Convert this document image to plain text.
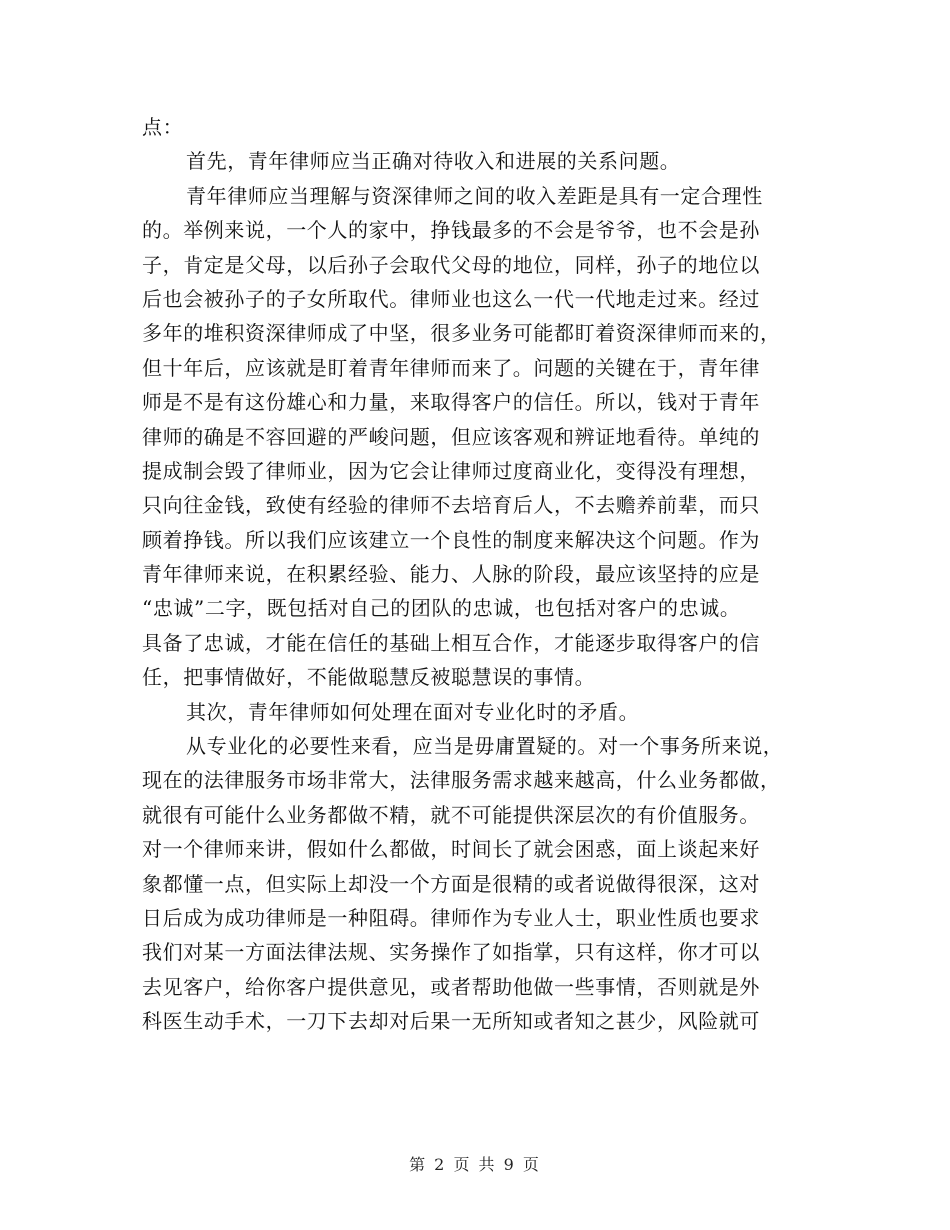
点：
首先，青年律师应当正确对待收入和进展的关系问题。
青年律师应当理解与资深律师之间的收入差距是具有一定合理性
的。举例来说，一个人的家中，挣钱最多的不会是爷爷，也不会是孙
子，肯定是父母，以后孙子会取代父母的地位，同样，孙子的地位以
后也会被孙子的子女所取代。律师业也这么一代一代地走过来。经过
多年的堆积资深律师成了中坚，很多业务可能都盯着资深律师而来的，
但十年后，应该就是盯着青年律师而来了。问题的关键在于，青年律
师是不是有这份雄心和力量，来取得客户的信任。所以，钱对于青年
律师的确是不容回避的严峻问题，但应该客观和辨证地看待。单纯的
提成制会毁了律师业，因为它会让律师过度商业化，变得没有理想，
只向往金钱，致使有经验的律师不去培育后人，不去赡养前辈，而只
顾着挣钱。所以我们应该建立一个良性的制度来解决这个问题。作为
青年律师来说，在积累经验、能力、人脉的阶段，最应该坚持的应是
“忠诚”二字，既包括对自己的团队的忠诚，也包括对客户的忠诚。
具备了忠诚，才能在信任的基础上相互合作，才能逐步取得客户的信
任，把事情做好，不能做聪慧反被聪慧误的事情。
其次，青年律师如何处理在面对专业化时的矛盾。
从专业化的必要性来看，应当是毋庸置疑的。对一个事务所来说，
现在的法律服务市场非常大，法律服务需求越来越高，什么业务都做，
就很有可能什么业务都做不精，就不可能提供深层次的有价值服务。
对一个律师来讲，假如什么都做，时间长了就会困惑，面上谈起来好
象都懂一点，但实际上却没一个方面是很精的或者说做得很深，这对
日后成为成功律师是一种阻碍。律师作为专业人士，职业性质也要求
我们对某一方面法律法规、实务操作了如指掌，只有这样，你才可以
去见客户，给你客户提供意见，或者帮助他做一些事情，否则就是外
科医生动手术，一刀下去却对后果一无所知或者知之甚少，风险就可
第 2 页 共 9 页
